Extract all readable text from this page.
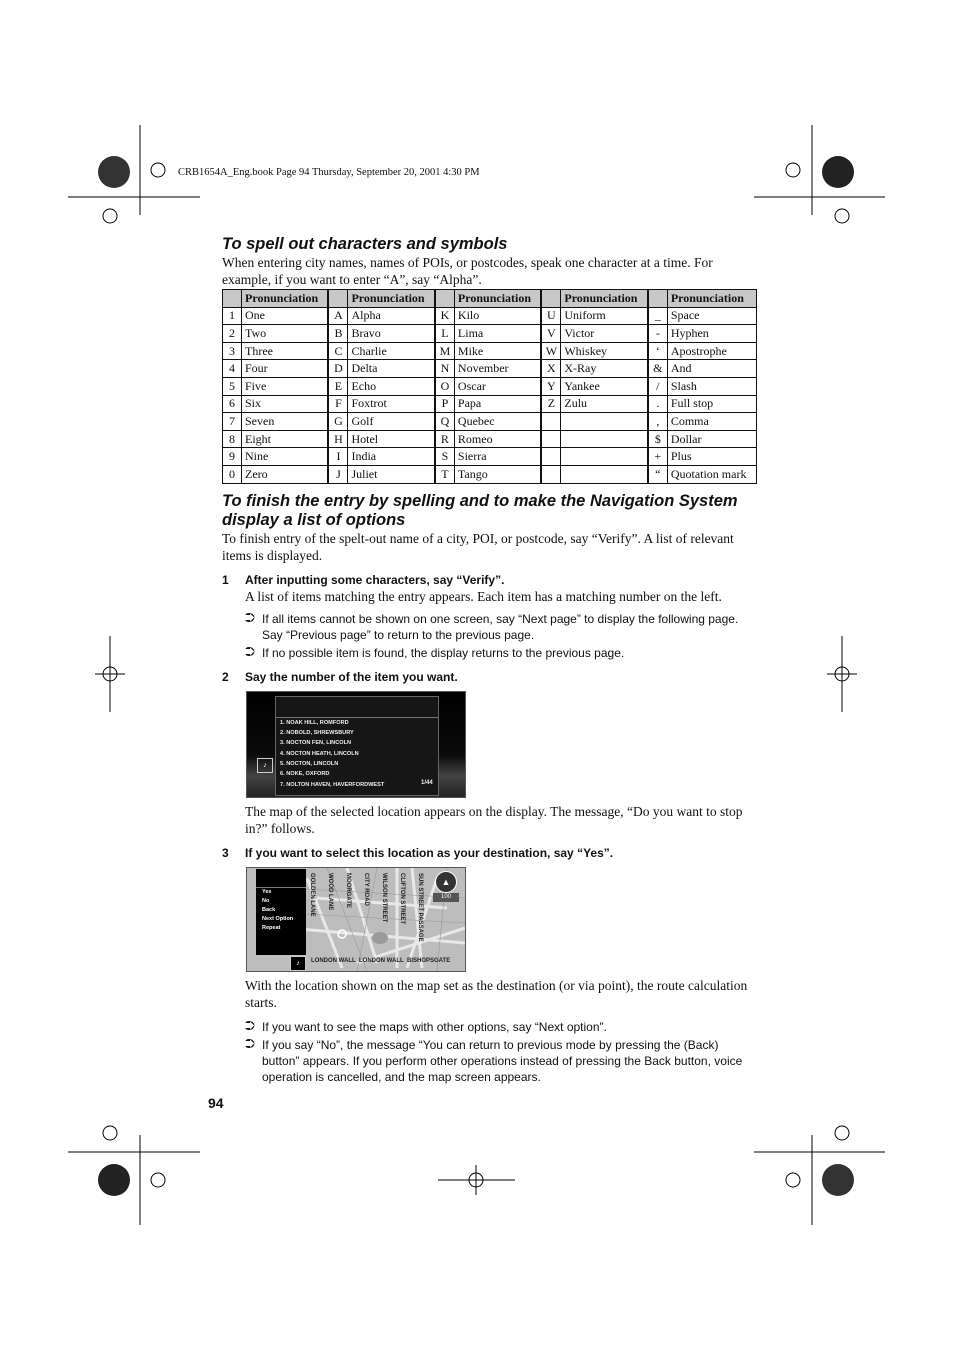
CRB1654A_Eng.book Page 94 Thursday, September 20, 2001 4:30 PM
To spell out characters and symbols

When entering city names, names of POIs, or postcodes, speak one character at a time. For example, if you want to enter “A”, say “Alpha”.

	Pronunciation		Pronunciation		Pronunciation		Pronunciation		Pronunciation
1	One	A	Alpha	K	Kilo	U	Uniform	_	Space
2	Two	B	Bravo	L	Lima	V	Victor	-	Hyphen
3	Three	C	Charlie	M	Mike	W	Whiskey	‘	Apostrophe
4	Four	D	Delta	N	November	X	X-Ray	&	And
5	Five	E	Echo	O	Oscar	Y	Yankee	/	Slash
6	Six	F	Foxtrot	P	Papa	Z	Zulu	.	Full stop
7	Seven	G	Golf	Q	Quebec			,	Comma
8	Eight	H	Hotel	R	Romeo			$	Dollar
9	Nine	I	India	S	Sierra			+	Plus
0	Zero	J	Juliet	T	Tango			“	Quotation mark
To finish the entry by spelling and to make the Navigation System display a list of options

To finish entry of the spelt-out name of a city, POI, or postcode, say “Verify”. A list of relevant items is displayed.

1 After inputting some characters, say “Verify”.

A list of items matching the entry appears. Each item has a matching number on the left.

⮊ If all items cannot be shown on one screen, say “Next page” to display the following page. Say “Previous page” to return to the previous page.
⮊ If no possible item is found, the display returns to the previous page.
2 Say the number of the item you want.
1. NOAK HILL, ROMFORD
2. NOBOLD, SHREWSBURY
3. NOCTON FEN, LINCOLN
4. NOCTON HEATH, LINCOLN
5. NOCTON, LINCOLN
6. NOKE, OXFORD
7. NOLTON HAVEN, HAVERFORDWEST
♪
1/44

The map of the selected location appears on the display. The message, “Do you want to stop in?” follows.

3 If you want to select this location as your destination, say “Yes”.
GOLDEN LANE WOOD LANE MOORGATE CITY ROAD WILSON STREET CLIFTON STREET SUN STREET PASSAGE
LONDON WALL LONDON WALL BISHOPSGATE
Yes
No
Back
Next Option
Repeat
♪
▲
100

With the location shown on the map set as the destination (or via point), the route calculation starts.

⮊ If you want to see the maps with other options, say “Next option”.
⮊ If you say “No”, the message “You can return to previous mode by pressing the (Back) button” appears. If you perform other operations instead of pressing the Back button, voice operation is cancelled, and the map screen appears.
94
